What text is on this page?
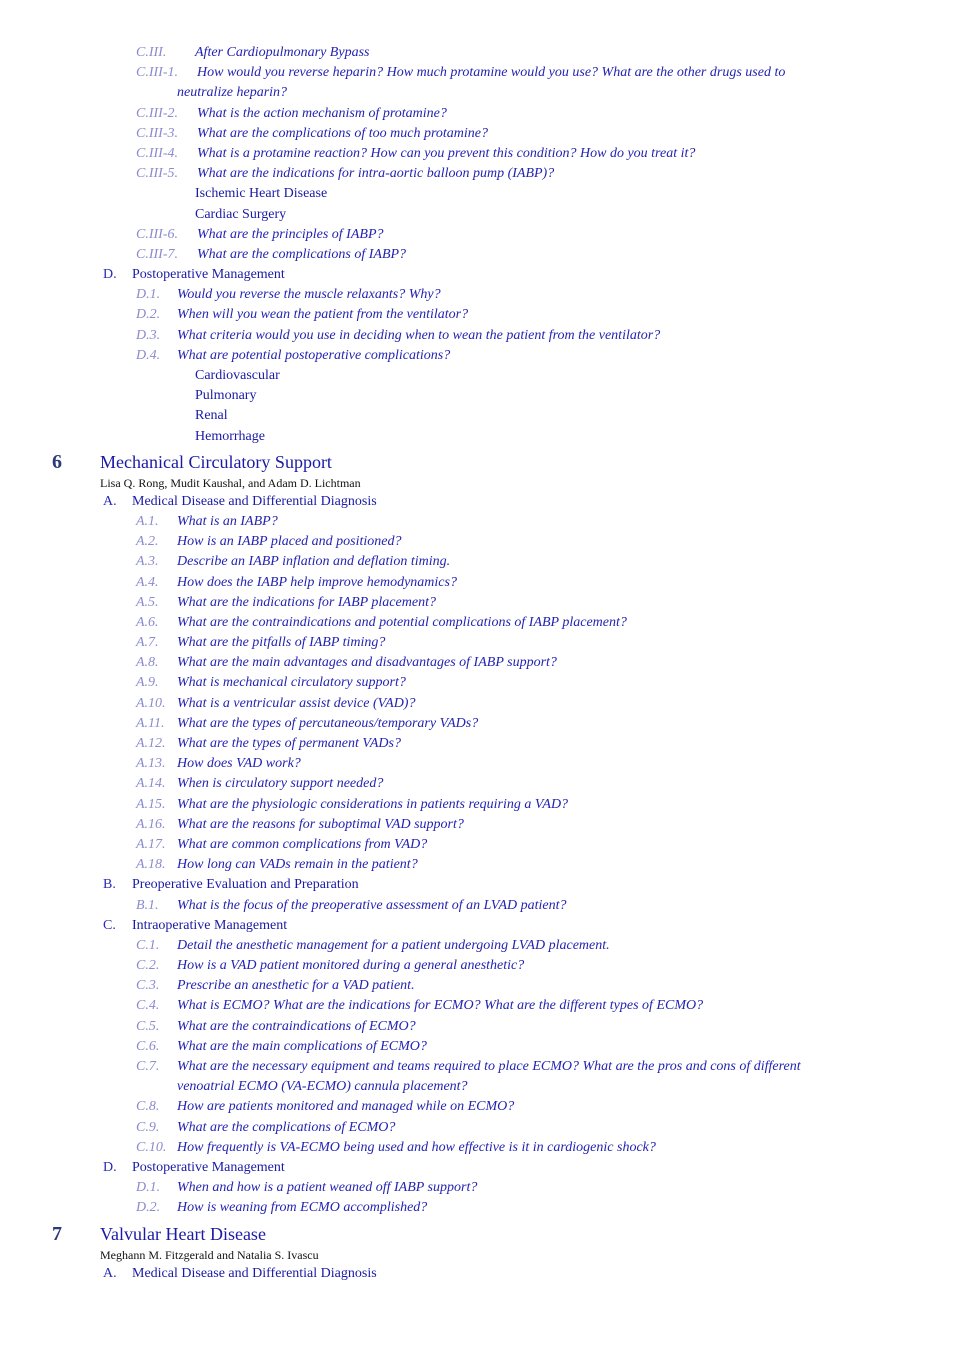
C.III. After Cardiopulmonary Bypass
C.III-1. How would you reverse heparin? How much protamine would you use? What are the other drugs used to
neutralize heparin?
C.III-2. What is the action mechanism of protamine?
C.III-3. What are the complications of too much protamine?
C.III-4. What is a protamine reaction? How can you prevent this condition? How do you treat it?
C.III-5. What are the indications for intra-aortic balloon pump (IABP)?
Ischemic Heart Disease
Cardiac Surgery
C.III-6. What are the principles of IABP?
C.III-7. What are the complications of IABP?
D. Postoperative Management
D.1. Would you reverse the muscle relaxants? Why?
D.2. When will you wean the patient from the ventilator?
D.3. What criteria would you use in deciding when to wean the patient from the ventilator?
D.4. What are potential postoperative complications?
Cardiovascular
Pulmonary
Renal
Hemorrhage
6 Mechanical Circulatory Support
Lisa Q. Rong, Mudit Kaushal, and Adam D. Lichtman
A. Medical Disease and Differential Diagnosis
A.1. What is an IABP?
A.2. How is an IABP placed and positioned?
A.3. Describe an IABP inflation and deflation timing.
A.4. How does the IABP help improve hemodynamics?
A.5. What are the indications for IABP placement?
A.6. What are the contraindications and potential complications of IABP placement?
A.7. What are the pitfalls of IABP timing?
A.8. What are the main advantages and disadvantages of IABP support?
A.9. What is mechanical circulatory support?
A.10. What is a ventricular assist device (VAD)?
A.11. What are the types of percutaneous/temporary VADs?
A.12. What are the types of permanent VADs?
A.13. How does VAD work?
A.14. When is circulatory support needed?
A.15. What are the physiologic considerations in patients requiring a VAD?
A.16. What are the reasons for suboptimal VAD support?
A.17. What are common complications from VAD?
A.18. How long can VADs remain in the patient?
B. Preoperative Evaluation and Preparation
B.1. What is the focus of the preoperative assessment of an LVAD patient?
C. Intraoperative Management
C.1. Detail the anesthetic management for a patient undergoing LVAD placement.
C.2. How is a VAD patient monitored during a general anesthetic?
C.3. Prescribe an anesthetic for a VAD patient.
C.4. What is ECMO? What are the indications for ECMO? What are the different types of ECMO?
C.5. What are the contraindications of ECMO?
C.6. What are the main complications of ECMO?
C.7. What are the necessary equipment and teams required to place ECMO? What are the pros and cons of different
venoatrial ECMO (VA-ECMO) cannula placement?
C.8. How are patients monitored and managed while on ECMO?
C.9. What are the complications of ECMO?
C.10. How frequently is VA-ECMO being used and how effective is it in cardiogenic shock?
D. Postoperative Management
D.1. When and how is a patient weaned off IABP support?
D.2. How is weaning from ECMO accomplished?
7 Valvular Heart Disease
Meghann M. Fitzgerald and Natalia S. Ivascu
A. Medical Disease and Differential Diagnosis
